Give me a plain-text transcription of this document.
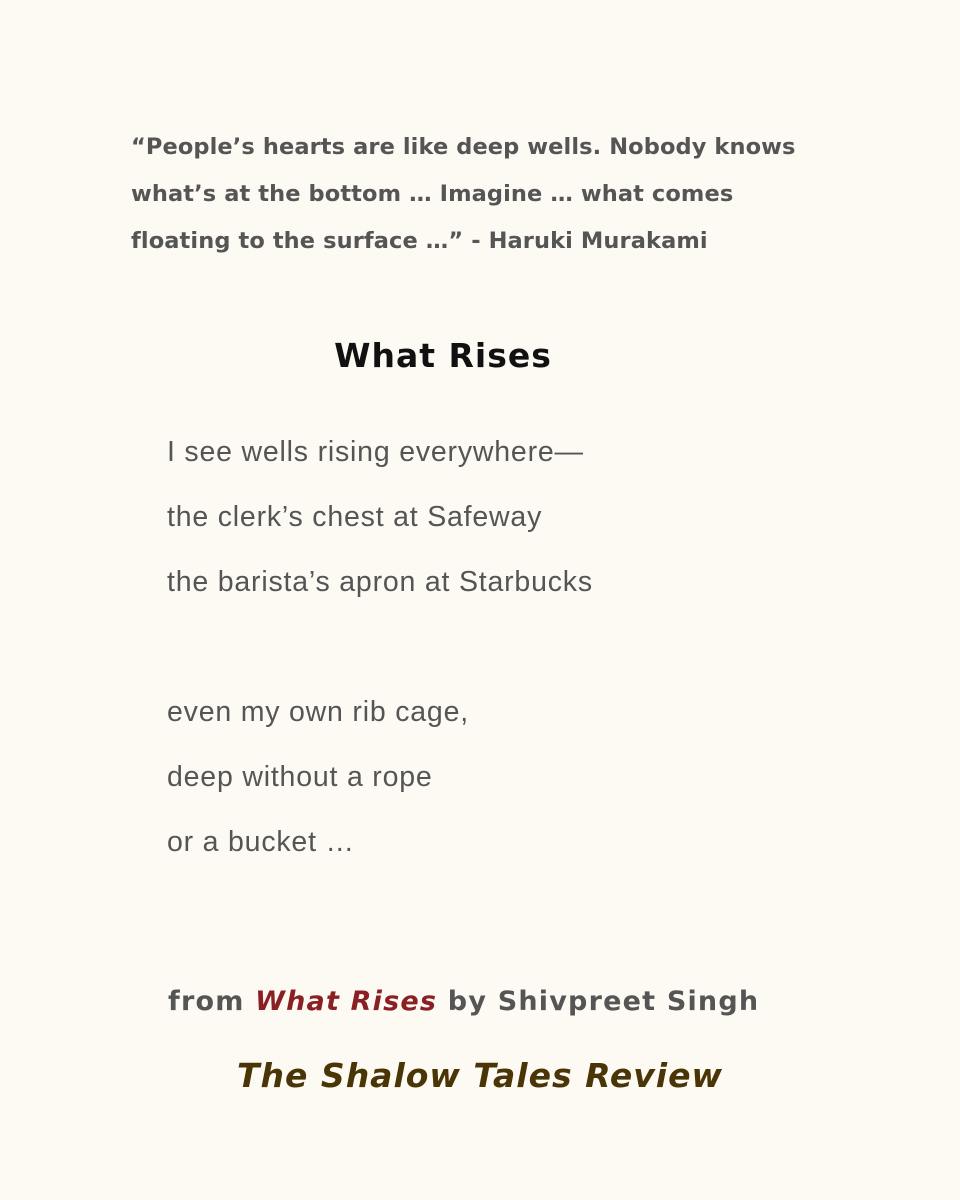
“People’s hearts are like deep wells. Nobody knows
what’s at the bottom … Imagine … what comes
floating to the surface …” - Haruki Murakami
What Rises
I see wells rising everywhere—
the clerk’s chest at Safeway
the barista’s apron at Starbucks
even my own rib cage,
deep without a rope
or a bucket …
from What Rises by Shivpreet Singh
The Shalow Tales Review
